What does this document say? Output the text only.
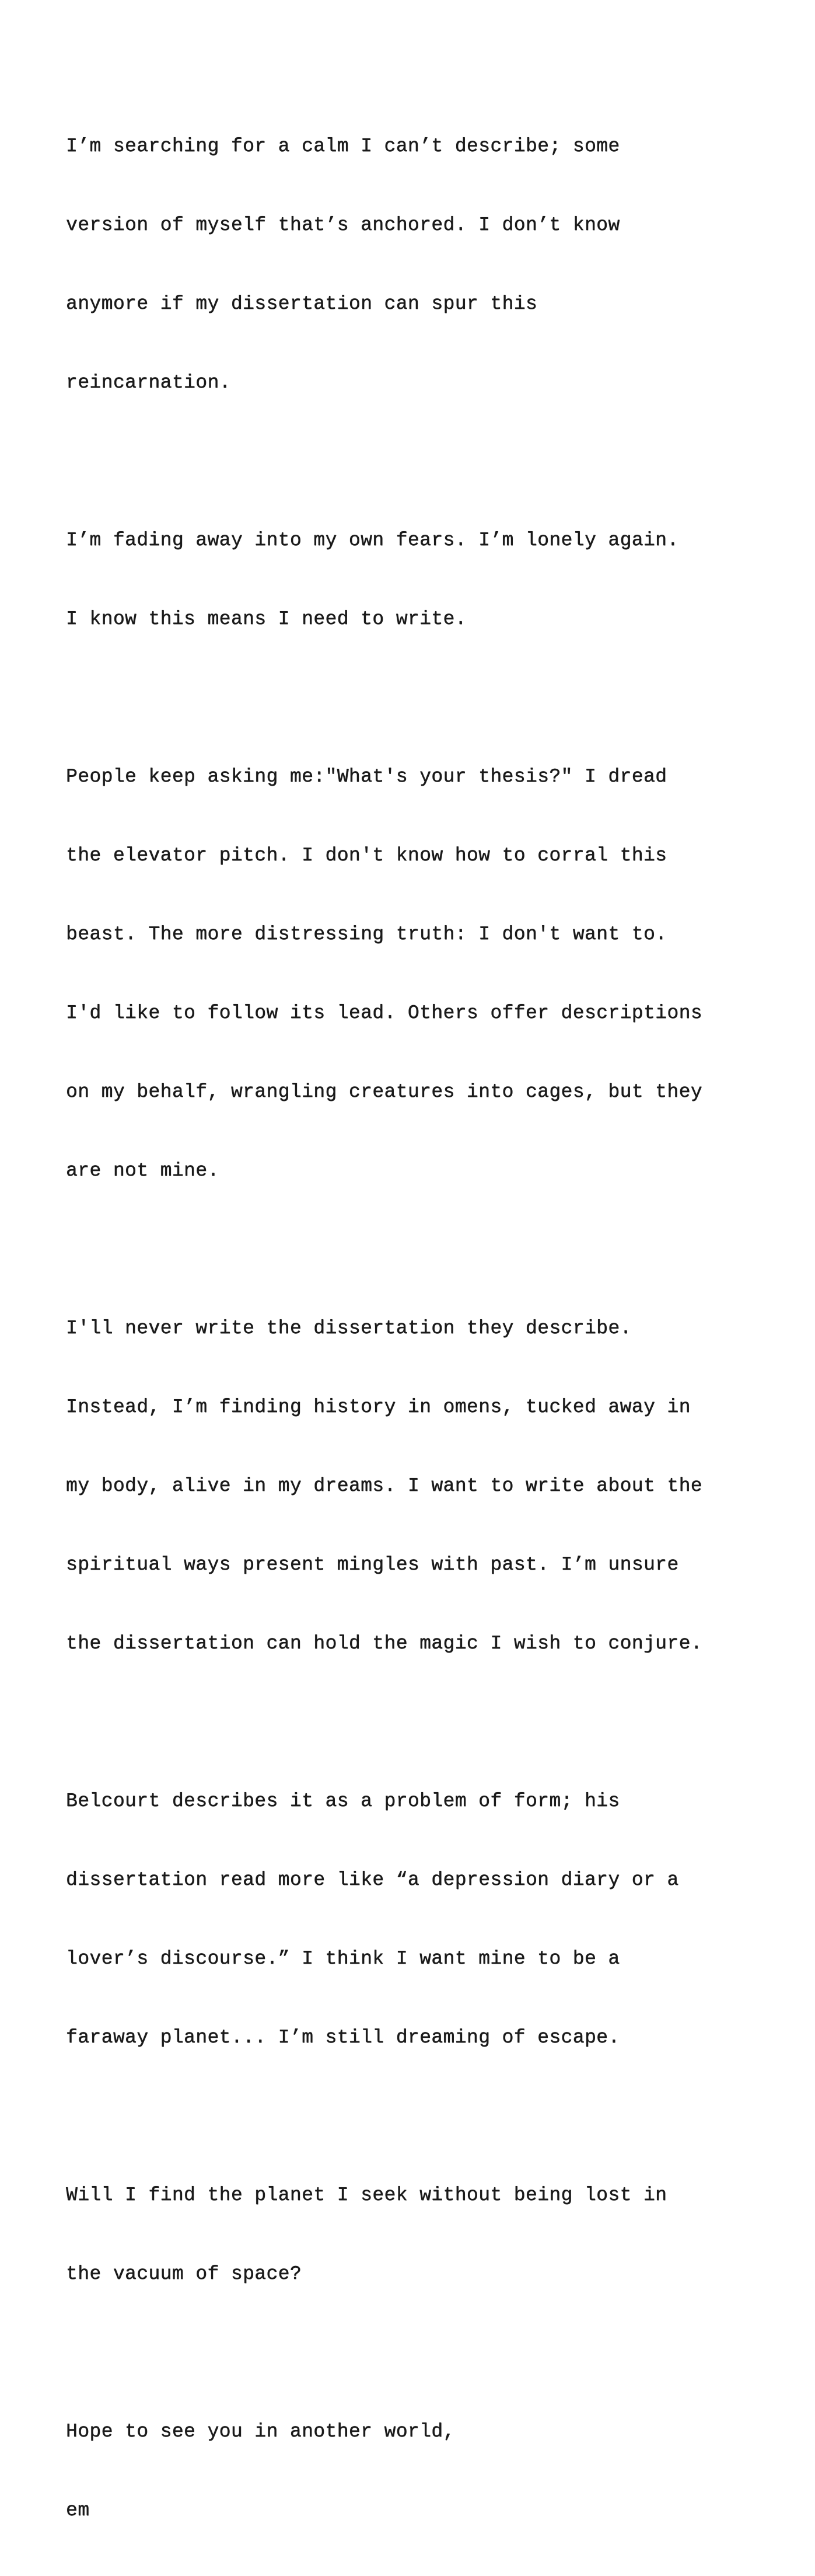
I’m searching for a calm I can’t describe; some

version of myself that’s anchored. I don’t know

anymore if my dissertation can spur this

reincarnation.

I’m fading away into my own fears. I’m lonely again.

I know this means I need to write.

People keep asking me:"What's your thesis?" I dread

the elevator pitch. I don't know how to corral this

beast. The more distressing truth: I don't want to.

I'd like to follow its lead. Others offer descriptions

on my behalf, wrangling creatures into cages, but they

are not mine.

I'll never write the dissertation they describe.

Instead, I’m finding history in omens, tucked away in

my body, alive in my dreams. I want to write about the

spiritual ways present mingles with past. I’m unsure

the dissertation can hold the magic I wish to conjure.

Belcourt describes it as a problem of form; his

dissertation read more like “a depression diary or a

lover’s discourse.” I think I want mine to be a

faraway planet... I’m still dreaming of escape.

Will I find the planet I seek without being lost in

the vacuum of space?

Hope to see you in another world,

em
